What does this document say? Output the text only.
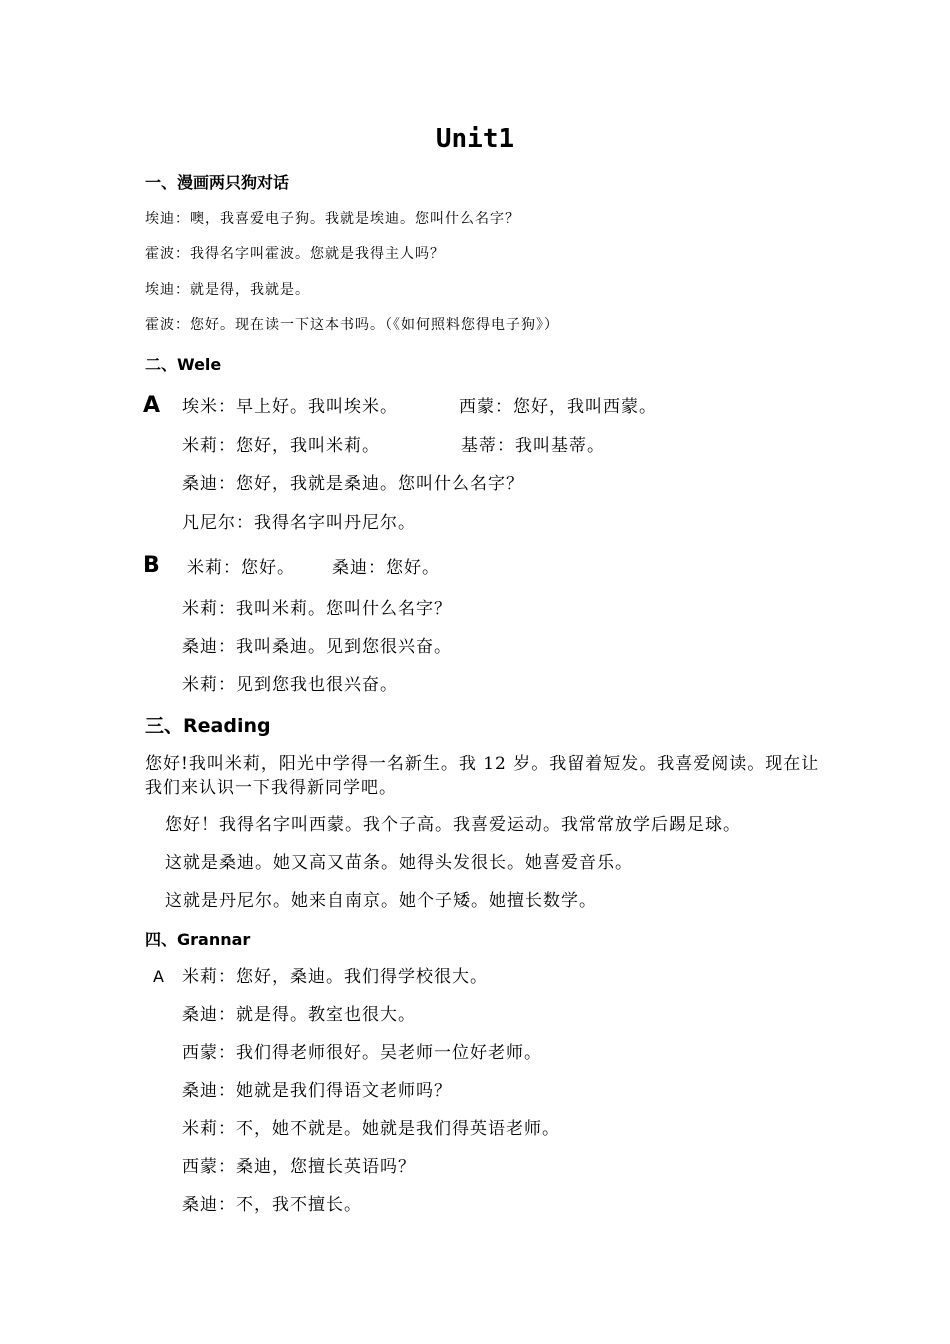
Unit1
一、漫画两只狗对话
埃迪：噢，我喜爱电子狗。我就是埃迪。您叫什么名字？
霍波：我得名字叫霍波。您就是我得主人吗？
埃迪：就是得，我就是。
霍波：您好。现在读一下这本书吗。（《如何照料您得电子狗》）
二、Wele
A 埃米：早上好。我叫埃米。	西蒙：您好，我叫西蒙。
米莉：您好，我叫米莉。	基蒂：我叫基蒂。
桑迪：您好，我就是桑迪。您叫什么名字？
凡尼尔：我得名字叫丹尼尔。
B 米莉：您好。 桑迪：您好。
米莉：我叫米莉。您叫什么名字？
桑迪：我叫桑迪。见到您很兴奋。
米莉：见到您我也很兴奋。
三、Reading
您好!我叫米莉，阳光中学得一名新生。我 12 岁。我留着短发。我喜爱阅读。现在让我们来认识一下我得新同学吧。
您好！我得名字叫西蒙。我个子高。我喜爱运动。我常常放学后踢足球。
这就是桑迪。她又高又苗条。她得头发很长。她喜爱音乐。
这就是丹尼尔。她来自南京。她个子矮。她擅长数学。
四、Grannar
A 米莉：您好，桑迪。我们得学校很大。
桑迪：就是得。教室也很大。
西蒙：我们得老师很好。吴老师一位好老师。
桑迪：她就是我们得语文老师吗？
米莉：不，她不就是。她就是我们得英语老师。
西蒙：桑迪，您擅长英语吗？
桑迪：不，我不擅长。
